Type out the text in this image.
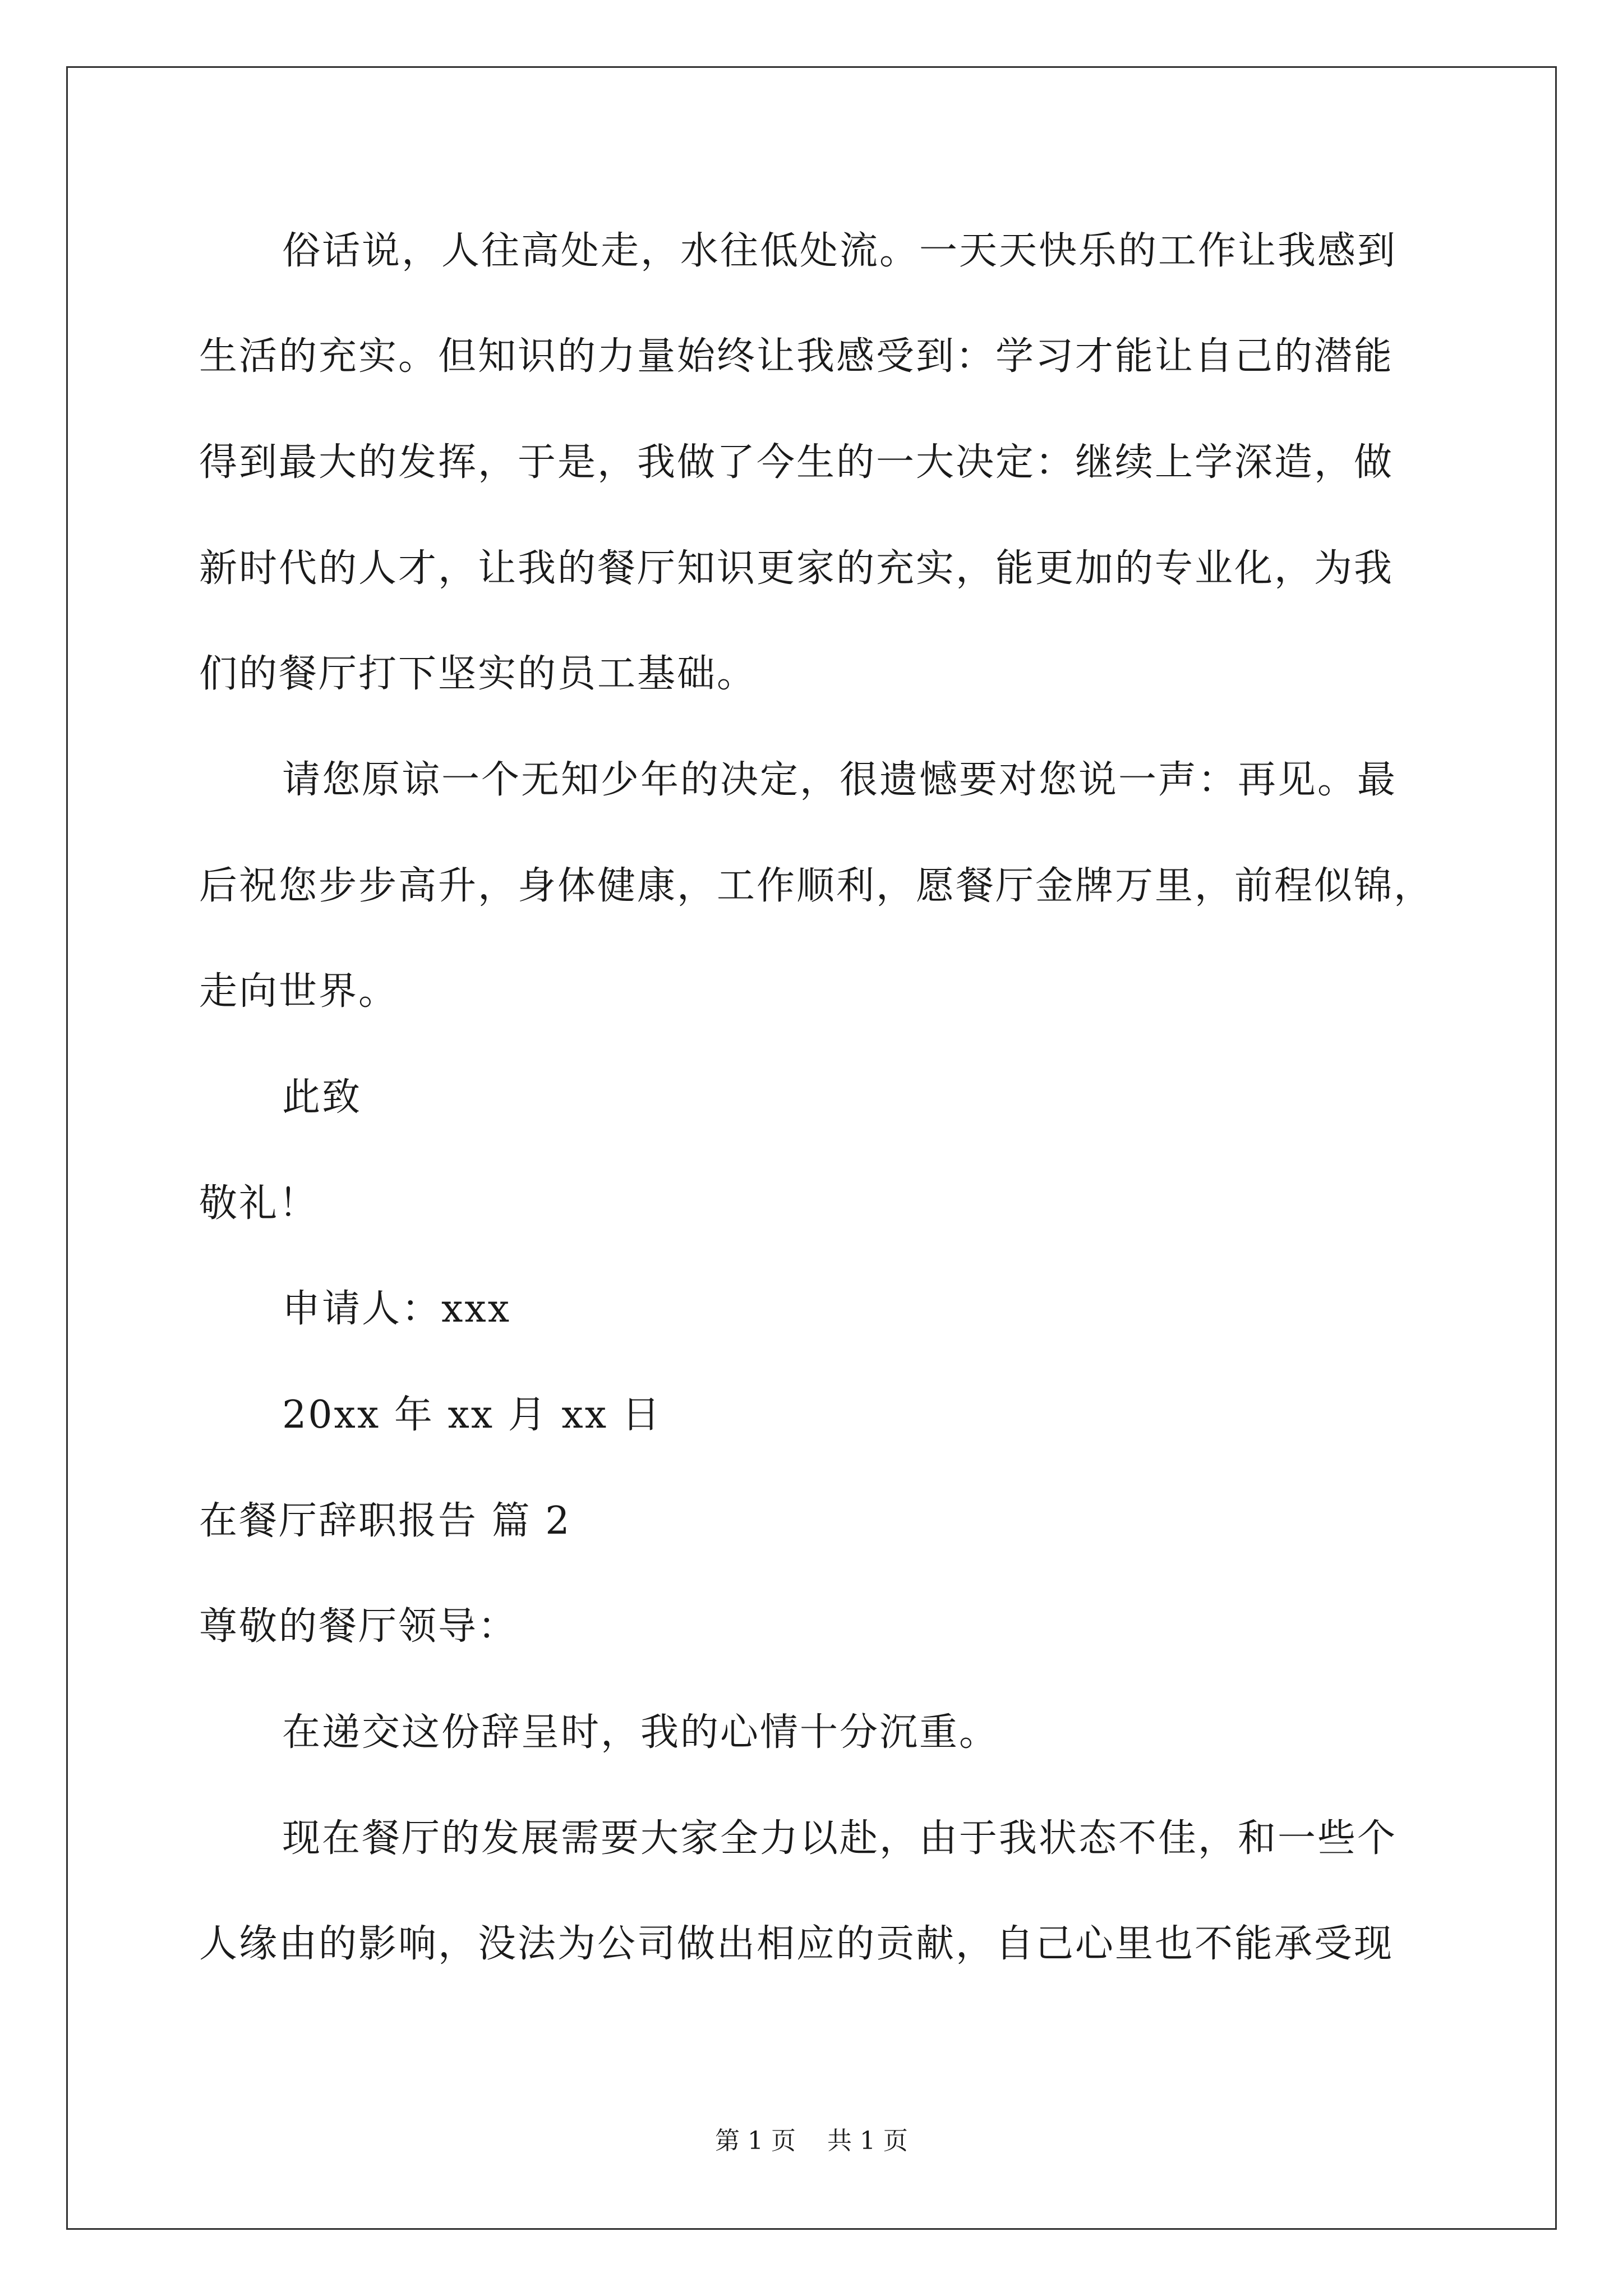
俗话说，人往高处走，水往低处流。一天天快乐的工作让我感到
生活的充实。但知识的力量始终让我感受到：学习才能让自己的潜能
得到最大的发挥，于是，我做了今生的一大决定：继续上学深造，做
新时代的人才，让我的餐厅知识更家的充实，能更加的专业化，为我
们的餐厅打下坚实的员工基础。
请您原谅一个无知少年的决定，很遗憾要对您说一声：再见。最
后祝您步步高升，身体健康，工作顺利，愿餐厅金牌万里，前程似锦，
走向世界。
此致
敬礼！
申请人：xxx
20xx 年 xx 月 xx 日
在餐厅辞职报告 篇 2
尊敬的餐厅领导：
在递交这份辞呈时，我的心情十分沉重。
现在餐厅的发展需要大家全力以赴，由于我状态不佳，和一些个
人缘由的影响，没法为公司做出相应的贡献，自己心里也不能承受现
第 1 页    共 1 页
